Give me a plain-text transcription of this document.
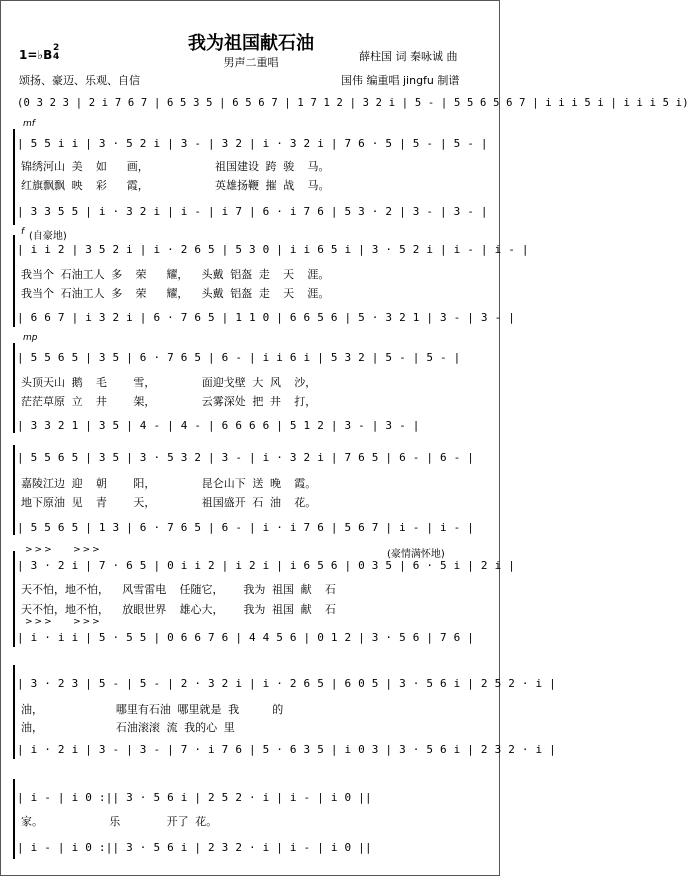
我为祖国献石油
男声二重唱
1=♭B 2
4
颂扬、豪迈、乐观、自信
薛柱国 词 秦咏诚 曲
国伟 编重唱 jingfu 制谱
(0 3 2 3 | 2 i 7 6 7 | 6 5 3 5 | 6 5 6 7 | 1 7 1 2 | 3 2 i | 5 - | 5 5 6 5 6 7 | i i i 5 i | i i i 5 i)
mf
| 5 5 i i | 3 · 5 2 i | 3 - | 3 2 | i · 3 2 i | 7 6 · 5 | 5 - | 5 - |
锦绣河山 美  如   画，          祖国建设 跨 骏  马。
红旗飘飘 映  彩   霞，          英雄扬鞭 摧 战  马。
| 3 3 5 5 | i · 3 2 i | i - | i 7 | 6 · i 7 6 | 5 3 · 2 | 3 - | 3 - |
f (自豪地)
| i i 2 | 3 5 2 i | i · 2 6 5 | 5 3 0 | i i 6 5 i | 3 · 5 2 i | i - | i - |
我当个 石油工人 多  荣   耀，  头戴 铝盔 走  天  涯。
我当个 石油工人 多  荣   耀，  头戴 铝盔 走  天  涯。
| 6 6 7 | i 3 2 i | 6 · 7 6 5 | 1 1 0 | 6 6 5 6 | 5 · 3 2 1 | 3 - | 3 - |
mp
| 5 5 6 5 | 3 5 | 6 · 7 6 5 | 6 - | i i 6 i | 5 3 2 | 5 - | 5 - |
头顶天山 鹅  毛    雪，       面迎戈壁 大 风  沙，
茫茫草原 立  井    架，       云雾深处 把 井  打，
| 3 3 2 1 | 3 5 | 4 - | 4 - | 6 6 6 6 | 5 1 2 | 3 - | 3 - |
| 5 5 6 5 | 3 5 | 3 · 5 3 2 | 3 - | i · 3 2 i | 7 6 5 | 6 - | 6 - |
嘉陵江边 迎  朝    阳，       昆仑山下 送 晚  霞。
地下原油 见  青    天，       祖国盛开 石 油  花。
| 5 5 6 5 | 1 3 | 6 · 7 6 5 | 6 - | i · i 7 6 | 5 6 7 | i - | i - |
>>>    >>>	(豪情满怀地)
| 3 · 2 i | 7 · 6 5 | 0 i i 2 | i 2 i | i 6 5 6 | 0 3 5 | 6 · 5 i | 2 i |
天不怕，地不怕，  风雪雷电  任随它，   我为 祖国 献  石
天不怕，地不怕，  放眼世界  雄心大，   我为 祖国 献  石
>>>    >>>
| i · i i | 5 · 5 5 | 0 6 6 7 6 | 4 4 5 6 | 0 1 2 | 3 · 5 6 | 7 6 |
| 3 · 2 3 | 5 - | 5 - | 2 · 3 2 i | i · 2 6 5 | 6 0 5 | 3 · 5 6 i | 2 5 2 · i |
油，           哪里有石油 哪里就是 我     的
油，           石油滚滚 流 我的心 里
| i · 2 i | 3 - | 3 - | 7 · i 7 6 | 5 · 6 3 5 | i 0 3 | 3 · 5 6 i | 2 3 2 · i |
| i - | i 0 :|| 3 · 5 6 i | 2 5 2 · i | i - | i 0 ||
家。          乐       开了 花。
| i - | i 0 :|| 3 · 5 6 i | 2 3 2 · i | i - | i 0 ||
